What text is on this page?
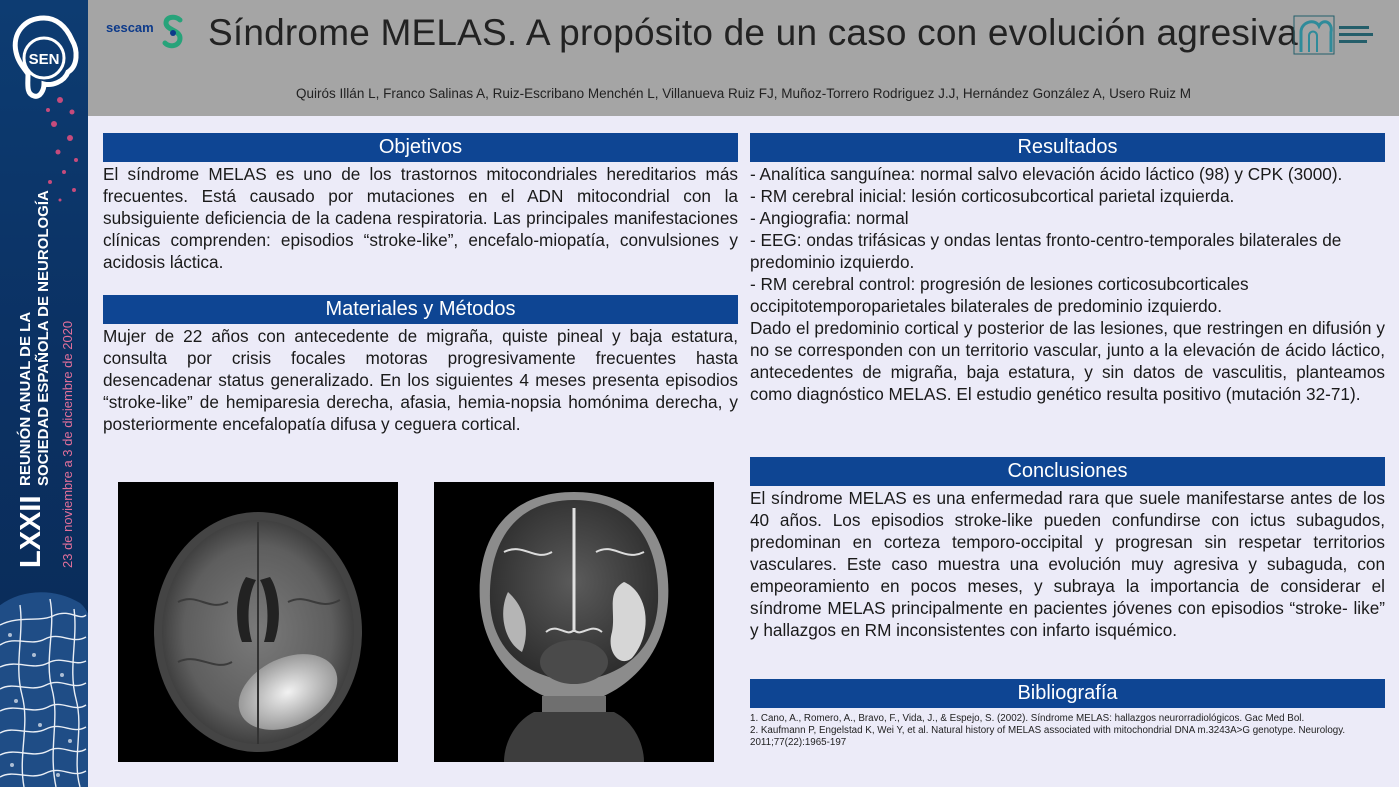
SEN
LXXII
REUNIÓN ANUAL DE LA SOCIEDAD ESPAÑOLA DE NEUROLOGÍA 23 de noviembre a 3 de diciembre de 2020
sescam Síndrome MELAS. A propósito de un caso con evolución agresiva
Quirós Illán L, Franco Salinas A, Ruiz-Escribano Menchén L, Villanueva Ruiz FJ, Muñoz-Torrero Rodriguez J.J, Hernández González A, Usero Ruiz M
Objetivos
El síndrome MELAS es uno de los trastornos mitocondriales hereditarios más frecuentes. Está causado por mutaciones en el ADN mitocondrial con la subsiguiente deficiencia de la cadena respiratoria. Las principales manifestaciones clínicas comprenden: episodios “stroke-like”, encefalo-miopatía, convulsiones y acidosis láctica.
Materiales y Métodos
Mujer de 22 años con antecedente de migraña, quiste pineal y baja estatura, consulta por crisis focales motoras progresivamente frecuentes hasta desencadenar status generalizado. En los siguientes 4 meses presenta episodios “stroke-like” de hemiparesia derecha, afasia, hemia-nopsia homónima derecha, y posteriormente encefalopatía difusa y ceguera cortical.
Resultados
- Analítica sanguínea: normal salvo elevación ácido láctico (98) y CPK (3000).
- RM cerebral inicial: lesión corticosubcortical parietal izquierda.
- Angiografia: normal
- EEG: ondas trifásicas y ondas lentas fronto-centro-temporales bilaterales de predominio izquierdo.
- RM cerebral control: progresión de lesiones corticosubcorticales occipitotemporoparietales bilaterales de predominio izquierdo.
Dado el predominio cortical y posterior de las lesiones, que restringen en difusión y no se corresponden con un territorio vascular, junto a la elevación de ácido láctico, antecedentes de migraña, baja estatura, y sin datos de vasculitis, planteamos como diagnóstico MELAS. El estudio genético resulta positivo (mutación 32-71).
Conclusiones
El síndrome MELAS es una enfermedad rara que suele manifestarse antes de los 40 años. Los episodios stroke-like pueden confundirse con ictus subagudos, predominan en corteza temporo-occipital y progresan sin respetar territorios vasculares. Este caso muestra una evolución muy agresiva y subaguda, con empeoramiento en pocos meses, y subraya la importancia de considerar el síndrome MELAS principalmente en pacientes jóvenes con episodios “stroke- like” y hallazgos en RM inconsistentes con infarto isquémico.
Bibliografía
1. Cano, A., Romero, A., Bravo, F., Vida, J., & Espejo, S. (2002). Síndrome MELAS: hallazgos neurorradiológicos. Gac Med Bol.
2. Kaufmann P, Engelstad K, Wei Y, et al. Natural history of MELAS associated with mitochondrial DNA m.3243A>G genotype. Neurology. 2011;77(22):1965-197
